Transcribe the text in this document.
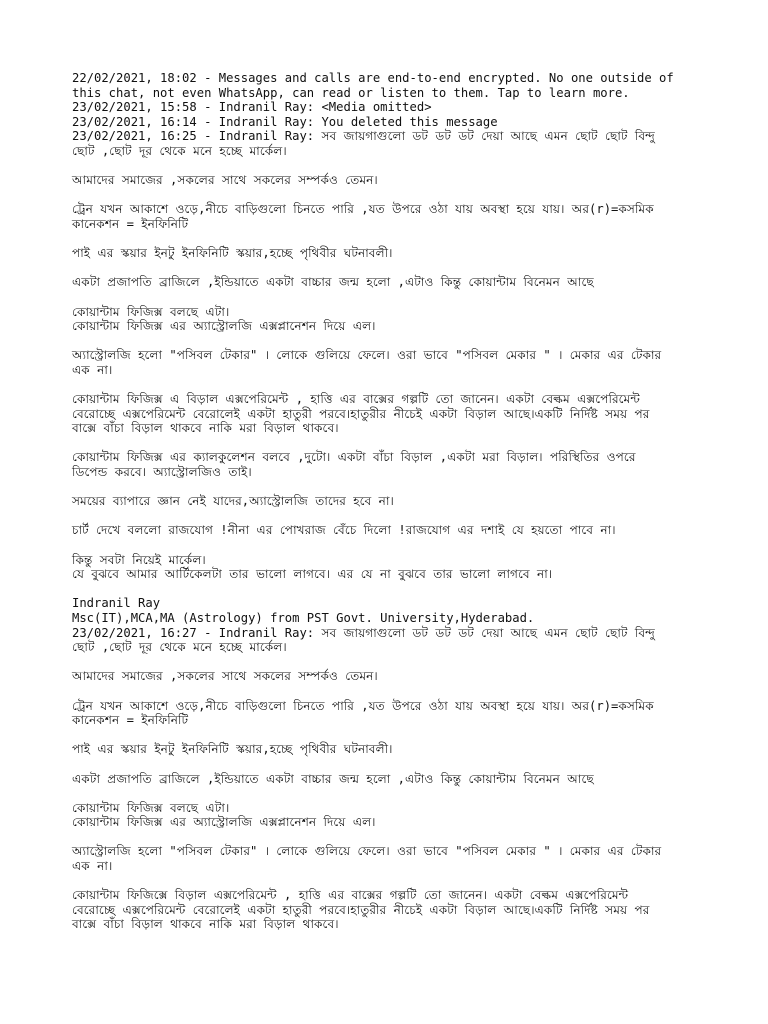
22/02/2021, 18:02 - Messages and calls are end-to-end encrypted. No one outside of
this chat, not even WhatsApp, can read or listen to them. Tap to learn more.
23/02/2021, 15:58 - Indranil Ray: <Media omitted>
23/02/2021, 16:14 - Indranil Ray: You deleted this message
23/02/2021, 16:25 - Indranil Ray: সব জায়গাগুলো ডট ডট ডট দেয়া আছে এমন ছোট ছোট বিন্দু
ছোট ,ছোট দূর থেকে মনে হচ্ছে মার্কেল।
আমাদের সমাজের ,সকলের সাথে সকলের সম্পর্কও তেমন।
ট্রেন যখন আকাশে ওড়ে,নীচে বাড়িগুলো চিনতে পারি ,যত উপরে ওঠা যায় অবস্থা হয়ে যায়। অর(r)=কসমিক
কানেকশন = ইনফিনিটি
পাই এর স্কয়ার ইনটু ইনফিনিটি স্কয়ার,হচ্ছে পৃথিবীর ঘটনাবলী।
একটা প্রজাপতি ব্রাজিলে ,ইন্ডিয়াতে একটা বাচ্চার জন্ম হলো ,এটাও কিন্তু কোয়ান্টাম বিনেমন আছে
কোয়ান্টাম ফিজিক্স বলছে এটা।
কোয়ান্টাম ফিজিক্স এর অ্যাস্ট্রোলজি এক্সপ্লানেশন দিয়ে এল।
অ্যাস্ট্রোলজি হলো "পসিবল টেকার" । লোকে গুলিয়ে ফেলে। ওরা ভাবে "পসিবল মেকার " । মেকার এর টেকার
এক না।
কোয়ান্টাম ফিজিক্স এ বিড়াল এক্সপেরিমেন্ট , হাত্তি এর বাক্সের গল্পটি তো জানেন। একটা বেল্কম এক্সপেরিমেন্ট
বেরোচ্ছে এক্সপেরিমেন্ট বেরোলেই একটা হাতুরী পরবে।হাতুরীর নীচেই একটা বিড়াল আছে।একটি নির্দিষ্ট সময় পর
বাক্সে বাঁচা বিড়াল থাকবে নাকি মরা বিড়াল থাকবে।
কোয়ান্টাম ফিজিক্স এর ক্যালকুলেশন বলবে ,দুটো। একটা বাঁচা বিড়াল ,একটা মরা বিড়াল। পরিস্থিতির ওপরে
ডিপেন্ড করবে। অ্যাস্ট্রোলজিও তাই।
সময়ের ব্যাপারে জ্ঞান নেই যাদের,অ্যাস্ট্রোলজি তাদের হবে না।
চার্ট দেখে বললো রাজযোগ !নীনা এর পোখরাজ বেঁচে দিলো !রাজযোগ এর দশাই যে হয়তো পাবে না।
কিন্তু সবটা নিয়েই মার্কেল।
যে বুঝবে আমার আর্টিকেলটা তার ভালো লাগবে। এর যে না বুঝবে তার ভালো লাগবে না।
Indranil Ray
Msc(IT),MCA,MA (Astrology) from PST Govt. University,Hyderabad.
23/02/2021, 16:27 - Indranil Ray: সব জায়গাগুলো ডট ডট ডট দেয়া আছে এমন ছোট ছোট বিন্দু
ছোট ,ছোট দূর থেকে মনে হচ্ছে মার্কেল।
আমাদের সমাজের ,সকলের সাথে সকলের সম্পর্কও তেমন।
ট্রেন যখন আকাশে ওড়ে,নীচে বাড়িগুলো চিনতে পারি ,যত উপরে ওঠা যায় অবস্থা হয়ে যায়। অর(r)=কসমিক
কানেকশন = ইনফিনিটি
পাই এর স্কয়ার ইনটু ইনফিনিটি স্কয়ার,হচ্ছে পৃথিবীর ঘটনাবলী।
একটা প্রজাপতি ব্রাজিলে ,ইন্ডিয়াতে একটা বাচ্চার জন্ম হলো ,এটাও কিন্তু কোয়ান্টাম বিনেমন আছে
কোয়ান্টাম ফিজিক্স বলছে এটা।
কোয়ান্টাম ফিজিক্স এর অ্যাস্ট্রোলজি এক্সপ্লানেশন দিয়ে এল।
অ্যাস্ট্রোলজি হলো "পসিবল টেকার" । লোকে গুলিয়ে ফেলে। ওরা ভাবে "পসিবল মেকার " । মেকার এর টেকার
এক না।
কোয়ান্টাম ফিজিক্সে বিড়াল এক্সপেরিমেন্ট , হাত্তি এর বাক্সের গল্পটি তো জানেন। একটা বেল্কম এক্সপেরিমেন্ট
বেরোচ্ছে এক্সপেরিমেন্ট বেরোলেই একটা হাতুরী পরবে।হাতুরীর নীচেই একটা বিড়াল আছে।একটি নির্দিষ্ট সময় পর
বাক্সে বাঁচা বিড়াল থাকবে নাকি মরা বিড়াল থাকবে।
